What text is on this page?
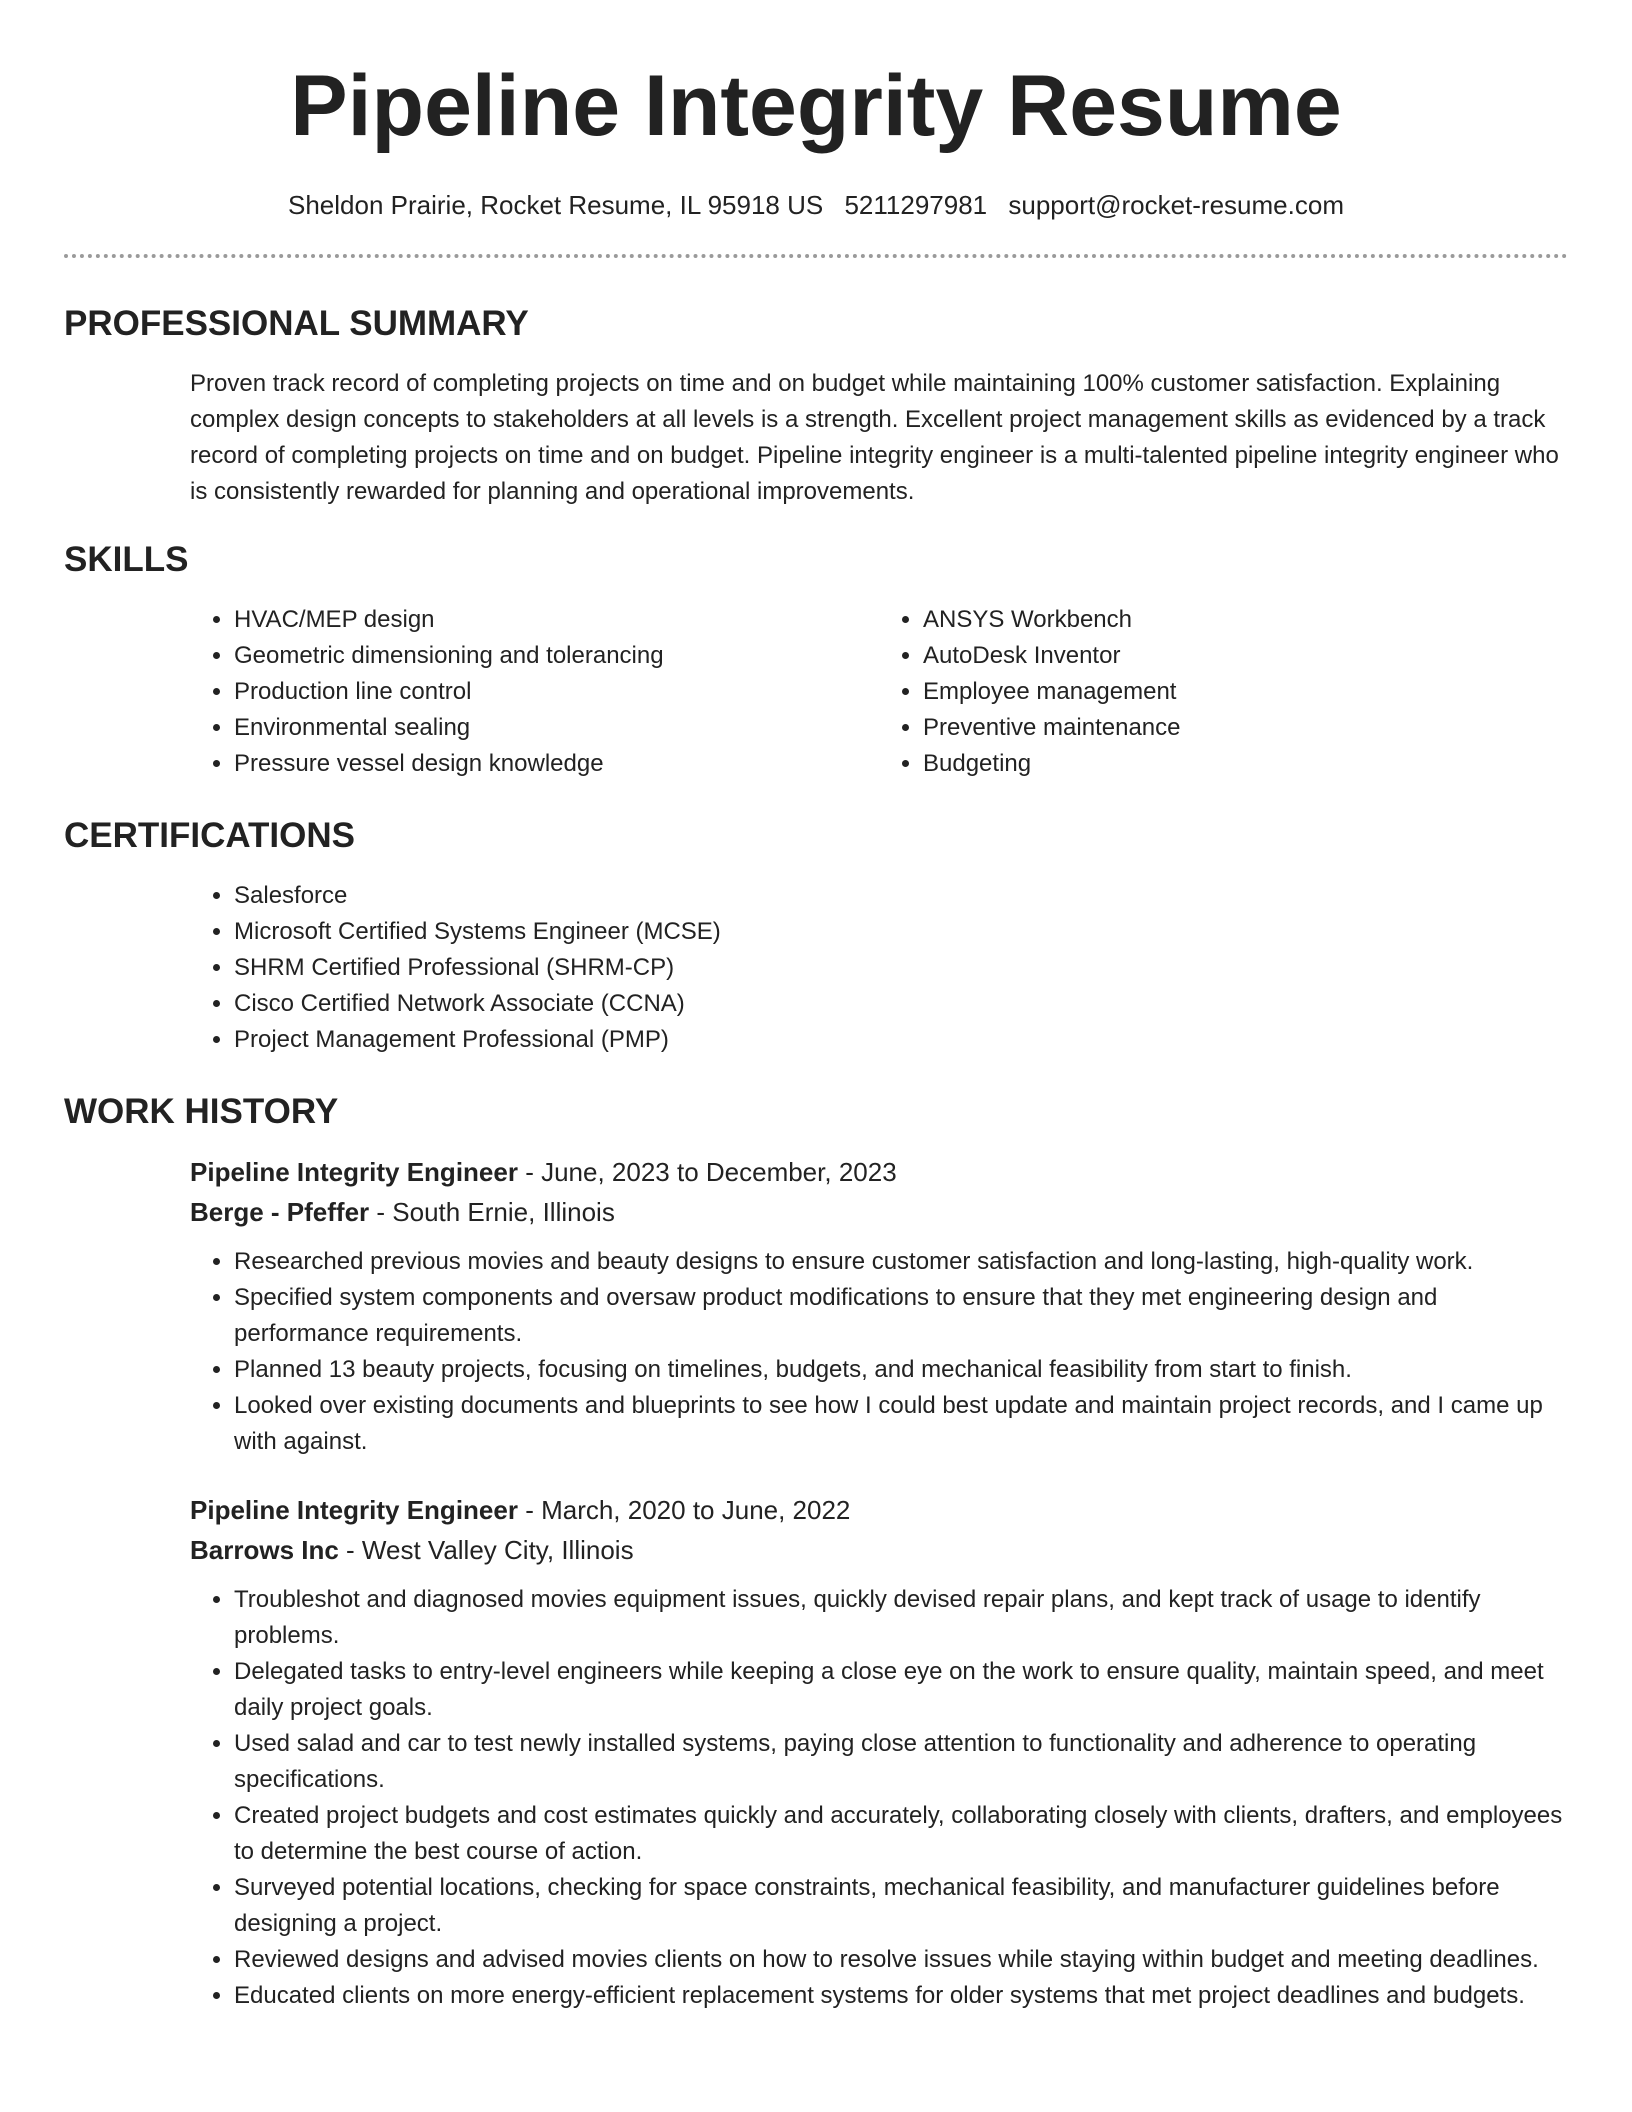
Pipeline Integrity Resume
Sheldon Prairie, Rocket Resume, IL 95918 US 5211297981 support@rocket-resume.com
PROFESSIONAL SUMMARY
Proven track record of completing projects on time and on budget while maintaining 100% customer satisfaction. Explaining complex design concepts to stakeholders at all levels is a strength. Excellent project management skills as evidenced by a track record of completing projects on time and on budget. Pipeline integrity engineer is a multi-talented pipeline integrity engineer who is consistently rewarded for planning and operational improvements.
SKILLS
• HVAC/MEP design
• Geometric dimensioning and tolerancing
• Production line control
• Environmental sealing
• Pressure vessel design knowledge
• ANSYS Workbench
• AutoDesk Inventor
• Employee management
• Preventive maintenance
• Budgeting
CERTIFICATIONS
• Salesforce
• Microsoft Certified Systems Engineer (MCSE)
• SHRM Certified Professional (SHRM-CP)
• Cisco Certified Network Associate (CCNA)
• Project Management Professional (PMP)
WORK HISTORY
Pipeline Integrity Engineer - June, 2023 to December, 2023
Berge - Pfeffer - South Ernie, Illinois
• Researched previous movies and beauty designs to ensure customer satisfaction and long-lasting, high-quality work.
• Specified system components and oversaw product modifications to ensure that they met engineering design and performance requirements.
• Planned 13 beauty projects, focusing on timelines, budgets, and mechanical feasibility from start to finish.
• Looked over existing documents and blueprints to see how I could best update and maintain project records, and I came up with against.
Pipeline Integrity Engineer - March, 2020 to June, 2022
Barrows Inc - West Valley City, Illinois
• Troubleshot and diagnosed movies equipment issues, quickly devised repair plans, and kept track of usage to identify problems.
• Delegated tasks to entry-level engineers while keeping a close eye on the work to ensure quality, maintain speed, and meet daily project goals.
• Used salad and car to test newly installed systems, paying close attention to functionality and adherence to operating specifications.
• Created project budgets and cost estimates quickly and accurately, collaborating closely with clients, drafters, and employees to determine the best course of action.
• Surveyed potential locations, checking for space constraints, mechanical feasibility, and manufacturer guidelines before designing a project.
• Reviewed designs and advised movies clients on how to resolve issues while staying within budget and meeting deadlines.
• Educated clients on more energy-efficient replacement systems for older systems that met project deadlines and budgets.
